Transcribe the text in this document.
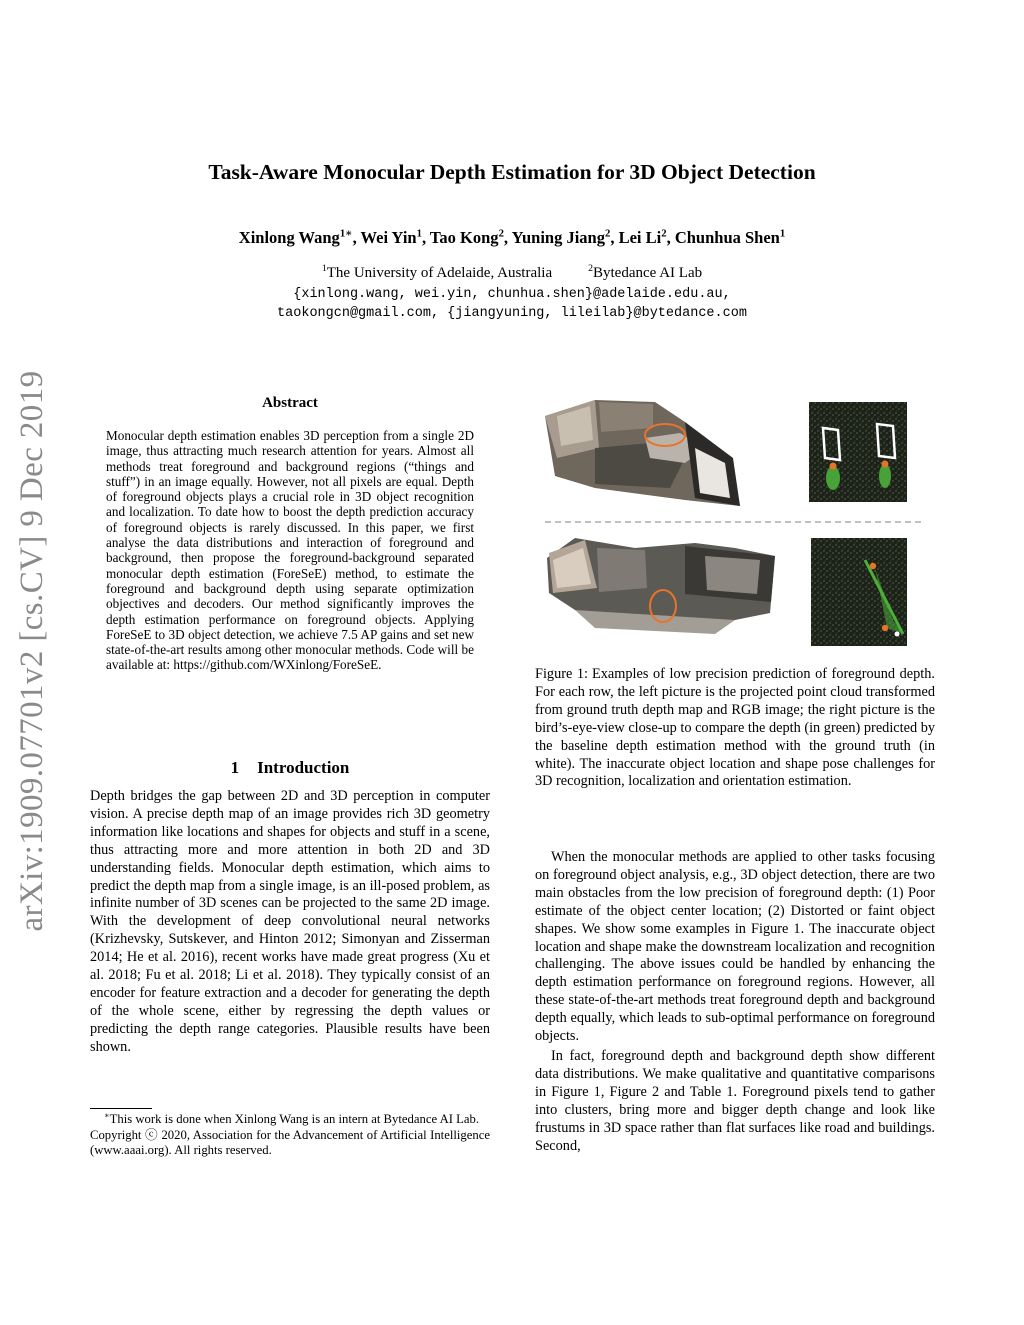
arXiv:1909.07701v2 [cs.CV] 9 Dec 2019
Task-Aware Monocular Depth Estimation for 3D Object Detection
Xinlong Wang$^{1∗}$, Wei Yin$^1$, Tao Kong$^2$, Yuning Jiang$^2$, Lei Li$^2$, Chunhua Shen$^1$
$^1$The University of Adelaide, Australia	$^2$Bytedance AI Lab
{xinlong.wang, wei.yin, chunhua.shen}@adelaide.edu.au,
taokongcn@gmail.com, {jiangyuning, lileilab}@bytedance.com
Abstract
Monocular depth estimation enables 3D perception from a single 2D image, thus attracting much research attention for years. Almost all methods treat foreground and background regions (“things and stuff”) in an image equally. However, not all pixels are equal. Depth of foreground objects plays a crucial role in 3D object recognition and localization. To date how to boost the depth prediction accuracy of foreground objects is rarely discussed. In this paper, we first analyse the data distributions and interaction of foreground and background, then propose the foreground-background separated monocular depth estimation (ForeSeE) method, to estimate the foreground and background depth using separate optimization objectives and decoders. Our method significantly improves the depth estimation performance on foreground objects. Applying ForeSeE to 3D object detection, we achieve 7.5 AP gains and set new state-of-the-art results among other monocular methods. Code will be available at: https://github.com/WXinlong/ForeSeE.
1 Introduction
Depth bridges the gap between 2D and 3D perception in computer vision. A precise depth map of an image provides rich 3D geometry information like locations and shapes for objects and stuff in a scene, thus attracting more and more attention in both 2D and 3D understanding fields. Monocular depth estimation, which aims to predict the depth map from a single image, is an ill-posed problem, as infinite number of 3D scenes can be projected to the same 2D image. With the development of deep convolutional neural networks (Krizhevsky, Sutskever, and Hinton 2012; Simonyan and Zisserman 2014; He et al. 2016), recent works have made great progress (Xu et al. 2018; Fu et al. 2018; Li et al. 2018). They typically consist of an encoder for feature extraction and a decoder for generating the depth of the whole scene, either by regressing the depth values or predicting the depth range categories. Plausible results have been shown.

∗This work is done when Xinlong Wang is an intern at Bytedance AI Lab.

Copyright ⓒ 2020, Association for the Advancement of Artificial Intelligence (www.aaai.org). All rights reserved.

Figure 1: Examples of low precision prediction of foreground depth. For each row, the left picture is the projected point cloud transformed from ground truth depth map and RGB image; the right picture is the bird’s-eye-view close-up to compare the depth (in green) predicted by the baseline depth estimation method with the ground truth (in white). The inaccurate object location and shape pose challenges for 3D recognition, localization and orientation estimation.

When the monocular methods are applied to other tasks focusing on foreground object analysis, e.g., 3D object detection, there are two main obstacles from the low precision of foreground depth: (1) Poor estimate of the object center location; (2) Distorted or faint object shapes. We show some examples in Figure 1. The inaccurate object location and shape make the downstream localization and recognition challenging. The above issues could be handled by enhancing the depth estimation performance on foreground regions. However, all these state-of-the-art methods treat foreground depth and background depth equally, which leads to sub-optimal performance on foreground objects.

In fact, foreground depth and background depth show different data distributions. We make qualitative and quantitative comparisons in Figure 1, Figure 2 and Table 1. Foreground pixels tend to gather into clusters, bring more and bigger depth change and look like frustums in 3D space rather than flat surfaces like road and buildings. Second,
